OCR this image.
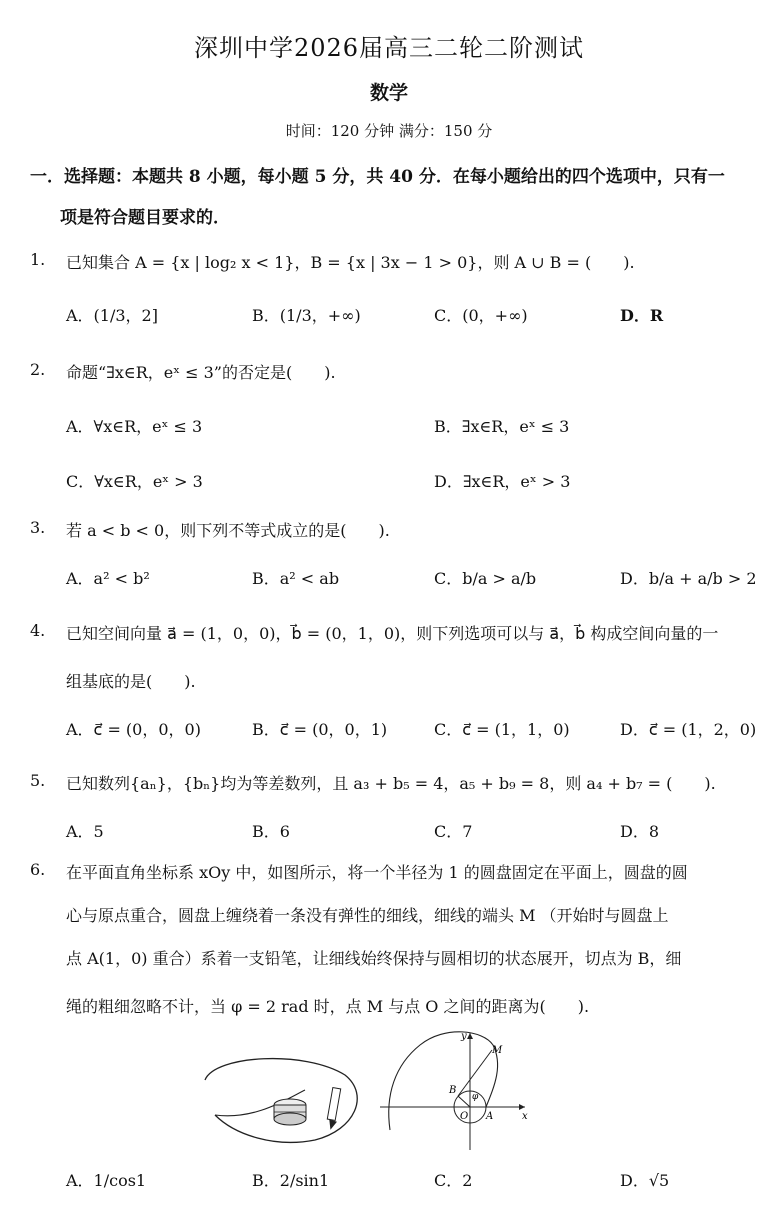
深圳中学2026届高三二轮二阶测试
数学
时间：120 分钟 满分：150 分
一．选择题：本题共 8 小题，每小题 5 分，共 40 分．在每小题给出的四个选项中，只有一
项是符合题目要求的．
1. 已知集合 A = {x | log₂ x < 1}，B = {x | 3x − 1 > 0}，则 A ∪ B = (　　).
A．(1/3，2]	B．(1/3，+∞)	C．(0，+∞)	D．R
2. 命题“∃x∈R，eˣ ≤ 3”的否定是(　　).
A．∀x∈R，eˣ ≤ 3	B．∃x∈R，eˣ ≤ 3
C．∀x∈R，eˣ > 3	D．∃x∈R，eˣ > 3
3. 若 a < b < 0，则下列不等式成立的是(　　).
A．a² < b²	B．a² < ab	C．b/a > a/b	D．b/a + a/b > 2
4. 已知空间向量 a⃗ = (1，0，0)，b⃗ = (0，1，0)，则下列选项可以与 a⃗，b⃗ 构成空间向量的一
组基底的是(　　).
A．c⃗ = (0，0，0)	B．c⃗ = (0，0，1)	C．c⃗ = (1，1，0)	D．c⃗ = (1，2，0)
5. 已知数列{aₙ}，{bₙ}均为等差数列，且 a₃ + b₅ = 4，a₅ + b₉ = 8，则 a₄ + b₇ = (　　).
A．5	B．6	C．7	D．8
6. 在平面直角坐标系 xOy 中，如图所示，将一个半径为 1 的圆盘固定在平面上，圆盘的圆
心与原点重合，圆盘上缠绕着一条没有弹性的细线，细线的端头 M （开始时与圆盘上
点 A(1，0) 重合）系着一支铅笔，让细线始终保持与圆相切的状态展开，切点为 B，细
绳的粗细忽略不计，当 φ = 2 rad 时，点 M 与点 O 之间的距离为(　　).
y
M
B
φ
O A	x
A．1/cos1	B．2/sin1	C．2	D．√5
